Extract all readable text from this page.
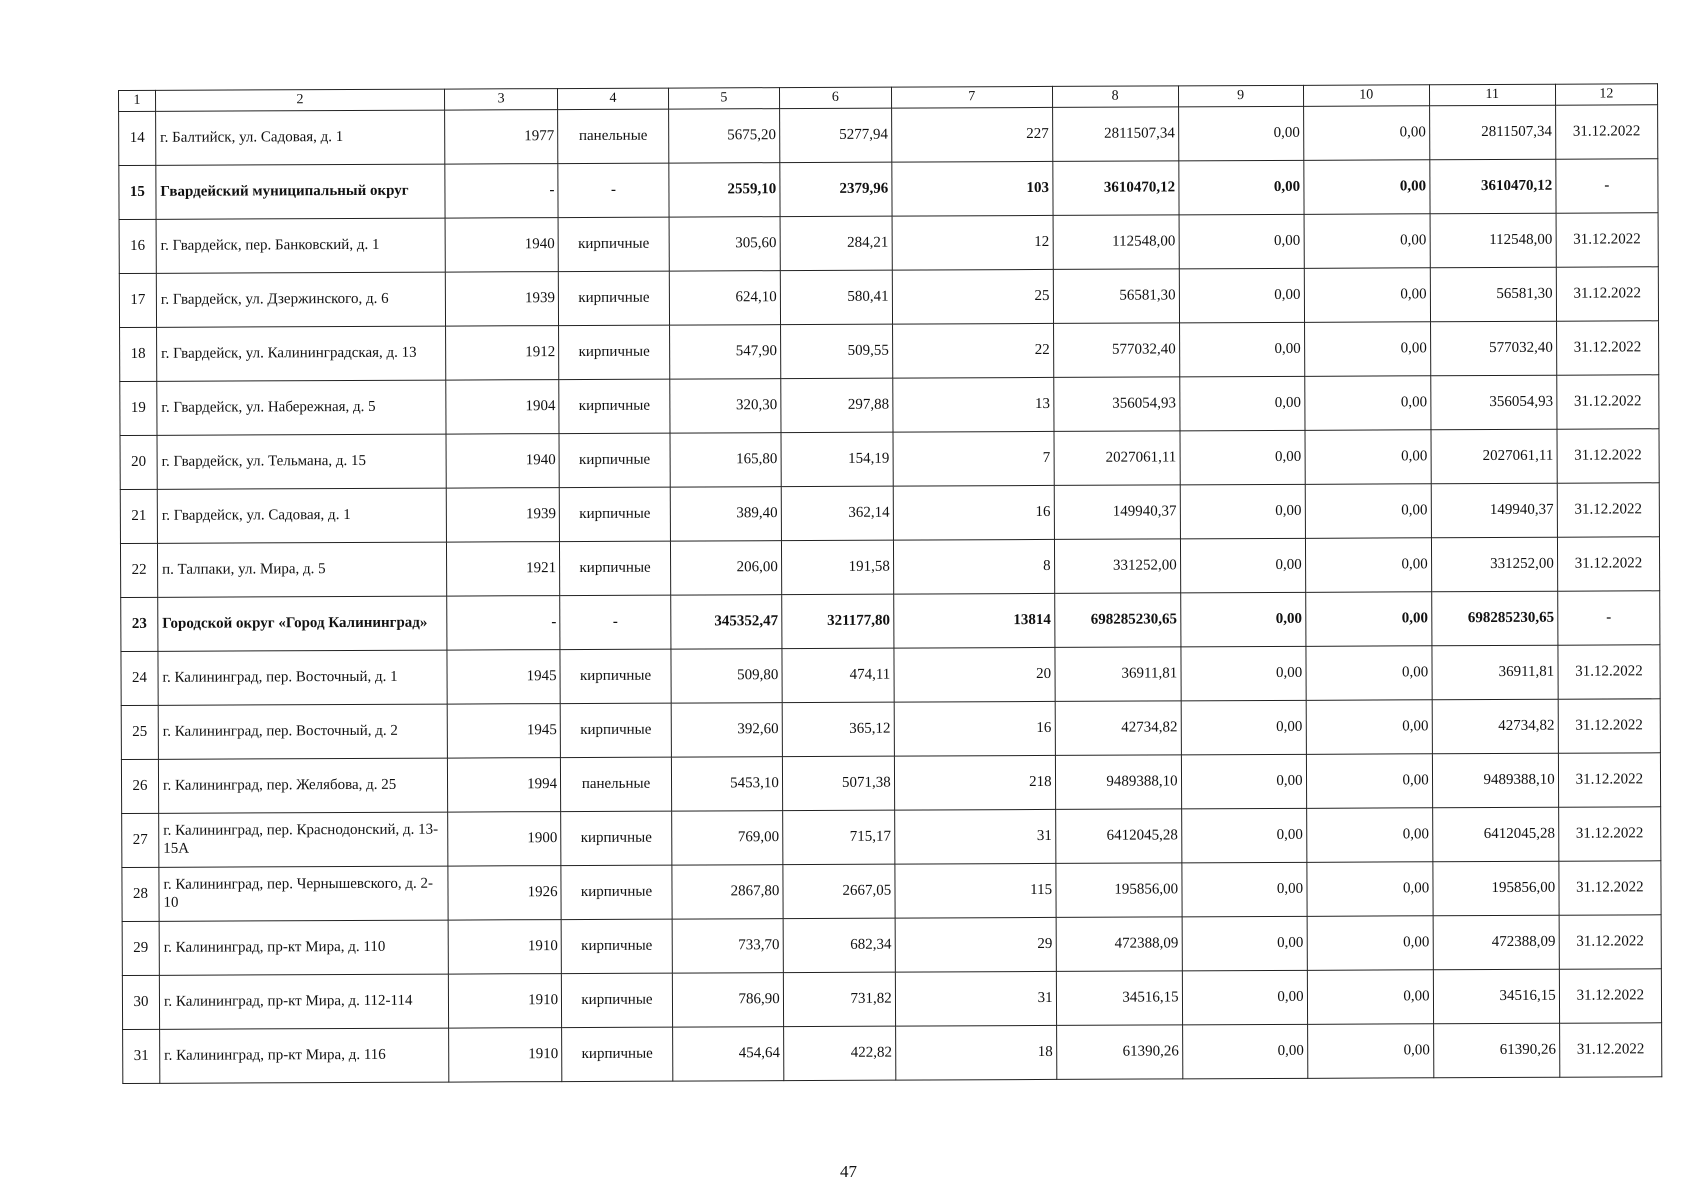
1	2	3	4	5	6	7	8	9	10	11	12
14	г. Балтийск, ул. Садовая, д. 1	1977	панельные	5675,20	5277,94	227	2811507,34	0,00	0,00	2811507,34	31.12.2022
15	Гвардейский муниципальный округ	-	-	2559,10	2379,96	103	3610470,12	0,00	0,00	3610470,12	-
16	г. Гвардейск, пер. Банковский, д. 1	1940	кирпичные	305,60	284,21	12	112548,00	0,00	0,00	112548,00	31.12.2022
17	г. Гвардейск, ул. Дзержинского, д. 6	1939	кирпичные	624,10	580,41	25	56581,30	0,00	0,00	56581,30	31.12.2022
18	г. Гвардейск, ул. Калининградская, д. 13	1912	кирпичные	547,90	509,55	22	577032,40	0,00	0,00	577032,40	31.12.2022
19	г. Гвардейск, ул. Набережная, д. 5	1904	кирпичные	320,30	297,88	13	356054,93	0,00	0,00	356054,93	31.12.2022
20	г. Гвардейск, ул. Тельмана, д. 15	1940	кирпичные	165,80	154,19	7	2027061,11	0,00	0,00	2027061,11	31.12.2022
21	г. Гвардейск, ул. Садовая, д. 1	1939	кирпичные	389,40	362,14	16	149940,37	0,00	0,00	149940,37	31.12.2022
22	п. Талпаки, ул. Мира, д. 5	1921	кирпичные	206,00	191,58	8	331252,00	0,00	0,00	331252,00	31.12.2022
23	Городской округ «Город Калининград»	-	-	345352,47	321177,80	13814	698285230,65	0,00	0,00	698285230,65	-
24	г. Калининград, пер. Восточный, д. 1	1945	кирпичные	509,80	474,11	20	36911,81	0,00	0,00	36911,81	31.12.2022
25	г. Калининград, пер. Восточный, д. 2	1945	кирпичные	392,60	365,12	16	42734,82	0,00	0,00	42734,82	31.12.2022
26	г. Калининград, пер. Желябова, д. 25	1994	панельные	5453,10	5071,38	218	9489388,10	0,00	0,00	9489388,10	31.12.2022
27	г. Калининград, пер. Краснодонский, д. 13-15А	1900	кирпичные	769,00	715,17	31	6412045,28	0,00	0,00	6412045,28	31.12.2022
28	г. Калининград, пер. Чернышевского, д. 2-10	1926	кирпичные	2867,80	2667,05	115	195856,00	0,00	0,00	195856,00	31.12.2022
29	г. Калининград, пр-кт Мира, д. 110	1910	кирпичные	733,70	682,34	29	472388,09	0,00	0,00	472388,09	31.12.2022
30	г. Калининград, пр-кт Мира, д. 112-114	1910	кирпичные	786,90	731,82	31	34516,15	0,00	0,00	34516,15	31.12.2022
31	г. Калининград, пр-кт Мира, д. 116	1910	кирпичные	454,64	422,82	18	61390,26	0,00	0,00	61390,26	31.12.2022
47
